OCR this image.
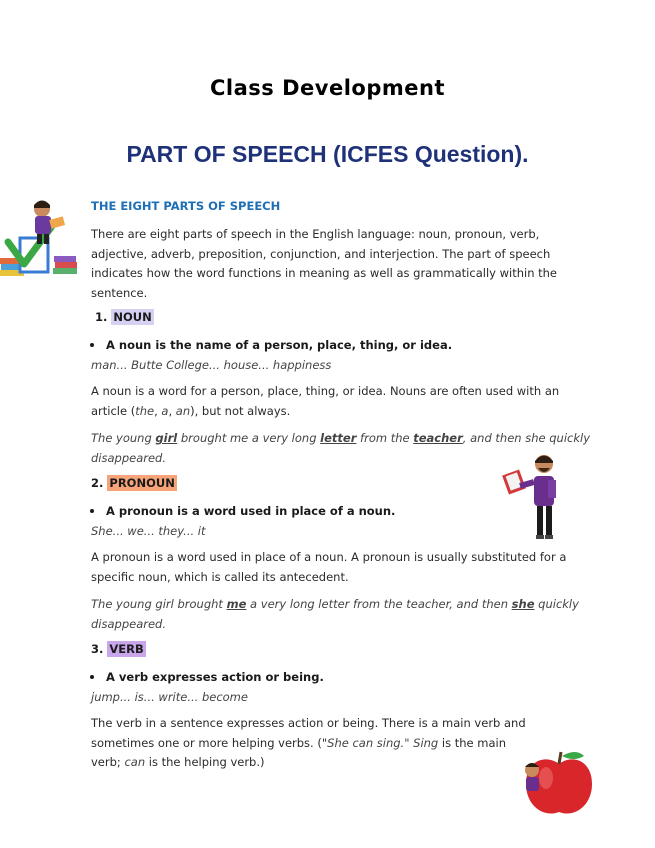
Class Development
PART OF SPEECH (ICFES Question).
THE EIGHT PARTS OF SPEECH
There are eight parts of speech in the English language: noun, pronoun, verb,
adjective, adverb, preposition, conjunction, and interjection. The part of speech
indicates how the word functions in meaning as well as grammatically within the
sentence.
1. NOUN
A noun is the name of a person, place, thing, or idea.
man... Butte College... house... happiness
A noun is a word for a person, place, thing, or idea. Nouns are often used with an
article (the, a, an), but not always.
The young girl brought me a very long letter from the teacher, and then she quickly
disappeared.
2. PRONOUN
A pronoun is a word used in place of a noun.
She... we... they... it
A pronoun is a word used in place of a noun. A pronoun is usually substituted for a
specific noun, which is called its antecedent.
The young girl brought me a very long letter from the teacher, and then she quickly
disappeared.
3. VERB
A verb expresses action or being.
jump... is... write... become
The verb in a sentence expresses action or being. There is a main verb and
sometimes one or more helping verbs. ("She can sing." Sing is the main
verb; can is the helping verb.)
